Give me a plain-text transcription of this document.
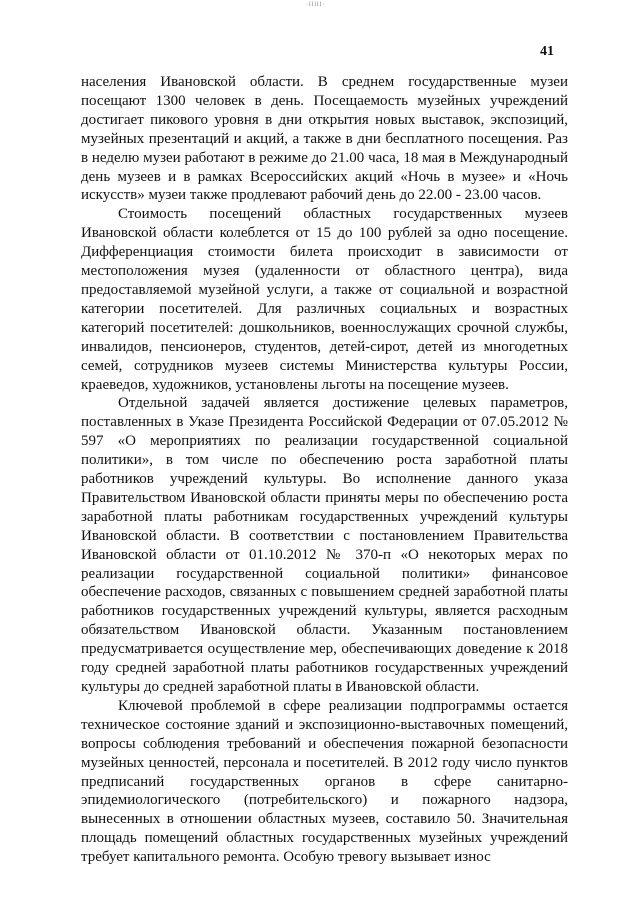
·lllll·
41

населения Ивановской области. В среднем государственные музеи посещают 1300 человек в день. Посещаемость музейных учреждений достигает пикового уровня в дни открытия новых выставок, экспозиций, музейных презентаций и акций, а также в дни бесплатного посещения. Раз в неделю музеи работают в режиме до 21.00 часа, 18 мая в Международный день музеев и в рамках Всероссийских акций «Ночь в музее» и «Ночь искусств» музеи также продлевают рабочий день до 22.00 - 23.00 часов.

Стоимость посещений областных государственных музеев Ивановской области колеблется от 15 до 100 рублей за одно посещение. Дифференциация стоимости билета происходит в зависимости от местоположения музея (удаленности от областного центра), вида предоставляемой музейной услуги, а также от социальной и возрастной категории посетителей. Для различных социальных и возрастных категорий посетителей: дошкольников, военнослужащих срочной службы, инвалидов, пенсионеров, студентов, детей-сирот, детей из многодетных семей, сотрудников музеев системы Министерства культуры России, краеведов, художников, установлены льготы на посещение музеев.

Отдельной задачей является достижение целевых параметров, поставленных в Указе Президента Российской Федерации от 07.05.2012 № 597 «О мероприятиях по реализации государственной социальной политики», в том числе по обеспечению роста заработной платы работников учреждений культуры. Во исполнение данного указа Правительством Ивановской области приняты меры по обеспечению роста заработной платы работникам государственных учреждений культуры Ивановской области. В соответствии с постановлением Правительства Ивановской области от 01.10.2012 № 370-п «О некоторых мерах по реализации государственной социальной политики» финансовое обеспечение расходов, связанных с повышением средней заработной платы работников государственных учреждений культуры, является расходным обязательством Ивановской области. Указанным постановлением предусматривается осуществление мер, обеспечивающих доведение к 2018 году средней заработной платы работников государственных учреждений культуры до средней заработной платы в Ивановской области.

Ключевой проблемой в сфере реализации подпрограммы остается техническое состояние зданий и экспозиционно-выставочных помещений, вопросы соблюдения требований и обеспечения пожарной безопасности музейных ценностей, персонала и посетителей. В 2012 году число пунктов предписаний государственных органов в сфере санитарно-эпидемиологического (потребительского) и пожарного надзора, вынесенных в отношении областных музеев, составило 50. Значительная площадь помещений областных государственных музейных учреждений требует капитального ремонта. Особую тревогу вызывает износ
